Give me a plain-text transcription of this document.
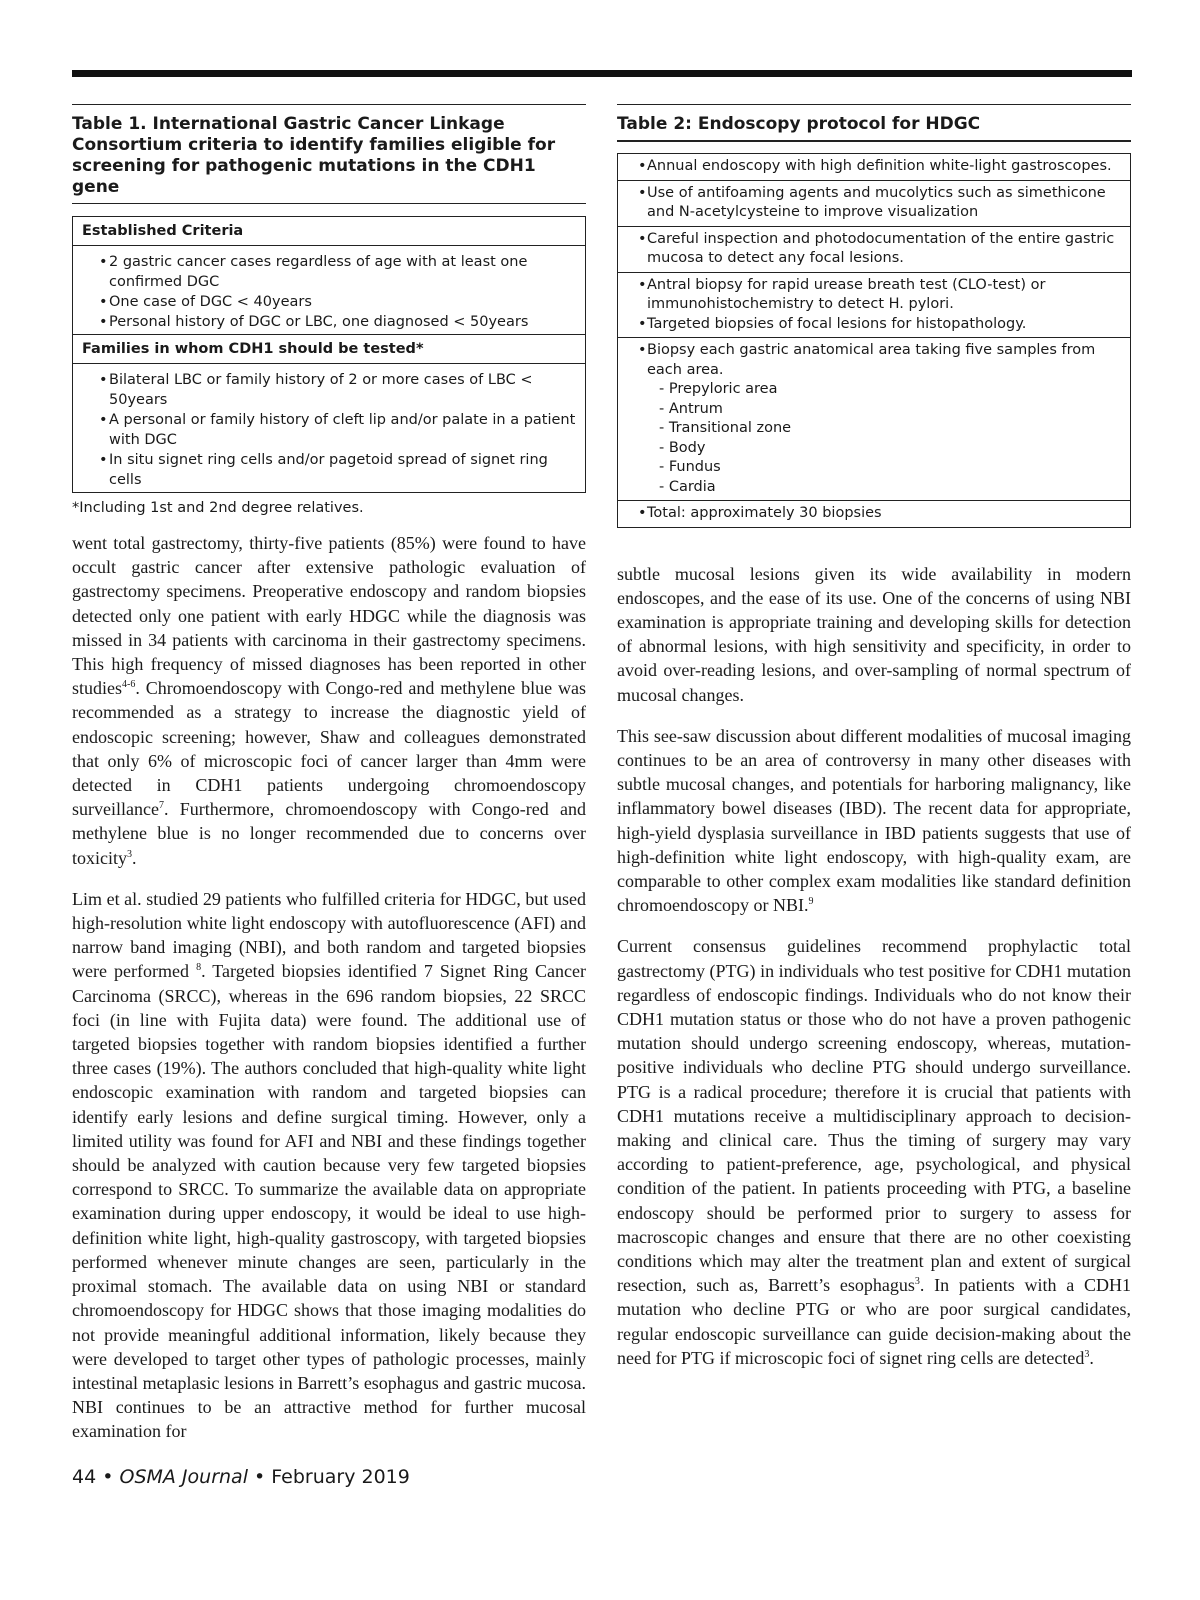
Table 1. International Gastric Cancer Linkage Consortium criteria to identify families eligible for screening for pathogenic mutations in the CDH1 gene
Established Criteria
• 2 gastric cancer cases regardless of age with at least one confirmed DGC
• One case of DGC < 40years
• Personal history of DGC or LBC, one diagnosed < 50years
Families in whom CDH1 should be tested*
• Bilateral LBC or family history of 2 or more cases of LBC < 50years
• A personal or family history of cleft lip and/or palate in a patient with DGC
• In situ signet ring cells and/or pagetoid spread of signet ring cells
*Including 1st and 2nd degree relatives.

went total gastrectomy, thirty-five patients (85%) were found to have occult gastric cancer after extensive pathologic evaluation of gastrectomy specimens. Preoperative endoscopy and random biopsies detected only one patient with early HDGC while the diagnosis was missed in 34 patients with carcinoma in their gastrectomy specimens. This high frequency of missed diagnoses has been reported in other studies$^{4-6}$. Chromoendoscopy with Congo-red and methylene blue was recommended as a strategy to increase the diagnostic yield of endoscopic screening; however, Shaw and colleagues demonstrated that only 6% of microscopic foci of cancer larger than 4mm were detected in CDH1 patients undergoing chromoendoscopy surveillance$^7$. Furthermore, chromoendoscopy with Congo-red and methylene blue is no longer recommended due to concerns over toxicity$^3$.

Lim et al. studied 29 patients who fulfilled criteria for HDGC, but used high-resolution white light endoscopy with autofluorescence (AFI) and narrow band imaging (NBI), and both random and targeted biopsies were performed $^8$. Targeted biopsies identified 7 Signet Ring Cancer Carcinoma (SRCC), whereas in the 696 random biopsies, 22 SRCC foci (in line with Fujita data) were found. The additional use of targeted biopsies together with random biopsies identified a further three cases (19%). The authors concluded that high-quality white light endoscopic examination with random and targeted biopsies can identify early lesions and define surgical timing. However, only a limited utility was found for AFI and NBI and these findings together should be analyzed with caution because very few targeted biopsies correspond to SRCC. To summarize the available data on appropriate examination during upper endoscopy, it would be ideal to use high-definition white light, high-quality gastroscopy, with targeted biopsies performed whenever minute changes are seen, particularly in the proximal stomach. The available data on using NBI or standard chromoendoscopy for HDGC shows that those imaging modalities do not provide meaningful additional information, likely because they were developed to target other types of pathologic processes, mainly intestinal metaplasic lesions in Barrett’s esophagus and gastric mucosa. NBI continues to be an attractive method for further mucosal examination for

Table 2: Endoscopy protocol for HDGC
• Annual endoscopy with high definition white-light gastroscopes.
• Use of antifoaming agents and mucolytics such as simethicone and N-acetylcysteine to improve visualization
• Careful inspection and photodocumentation of the entire gastric mucosa to detect any focal lesions.
• Antral biopsy for rapid urease breath test (CLO-test) or immunohistochemistry to detect H. pylori.
• Targeted biopsies of focal lesions for histopathology.
• Biopsy each gastric anatomical area taking five samples from each area.
- Prepyloric area
- Antrum
- Transitional zone
- Body
- Fundus
- Cardia
• Total: approximately 30 biopsies

subtle mucosal lesions given its wide availability in modern endoscopes, and the ease of its use. One of the concerns of using NBI examination is appropriate training and developing skills for detection of abnormal lesions, with high sensitivity and specificity, in order to avoid over-reading lesions, and over-sampling of normal spectrum of mucosal changes.

This see-saw discussion about different modalities of mucosal imaging continues to be an area of controversy in many other diseases with subtle mucosal changes, and potentials for harboring malignancy, like inflammatory bowel diseases (IBD). The recent data for appropriate, high-yield dysplasia surveillance in IBD patients suggests that use of high-definition white light endoscopy, with high-quality exam, are comparable to other complex exam modalities like standard definition chromoendoscopy or NBI.$^9$

Current consensus guidelines recommend prophylactic total gastrectomy (PTG) in individuals who test positive for CDH1 mutation regardless of endoscopic findings. Individuals who do not know their CDH1 mutation status or those who do not have a proven pathogenic mutation should undergo screening endoscopy, whereas, mutation-positive individuals who decline PTG should undergo surveillance. PTG is a radical procedure; therefore it is crucial that patients with CDH1 mutations receive a multidisciplinary approach to decision-making and clinical care. Thus the timing of surgery may vary according to patient-preference, age, psychological, and physical condition of the patient. In patients proceeding with PTG, a baseline endoscopy should be performed prior to surgery to assess for macroscopic changes and ensure that there are no other coexisting conditions which may alter the treatment plan and extent of surgical resection, such as, Barrett’s esophagus$^3$. In patients with a CDH1 mutation who decline PTG or who are poor surgical candidates, regular endoscopic surveillance can guide decision-making about the need for PTG if microscopic foci of signet ring cells are detected$^3$.

44 • OSMA Journal • February 2019
